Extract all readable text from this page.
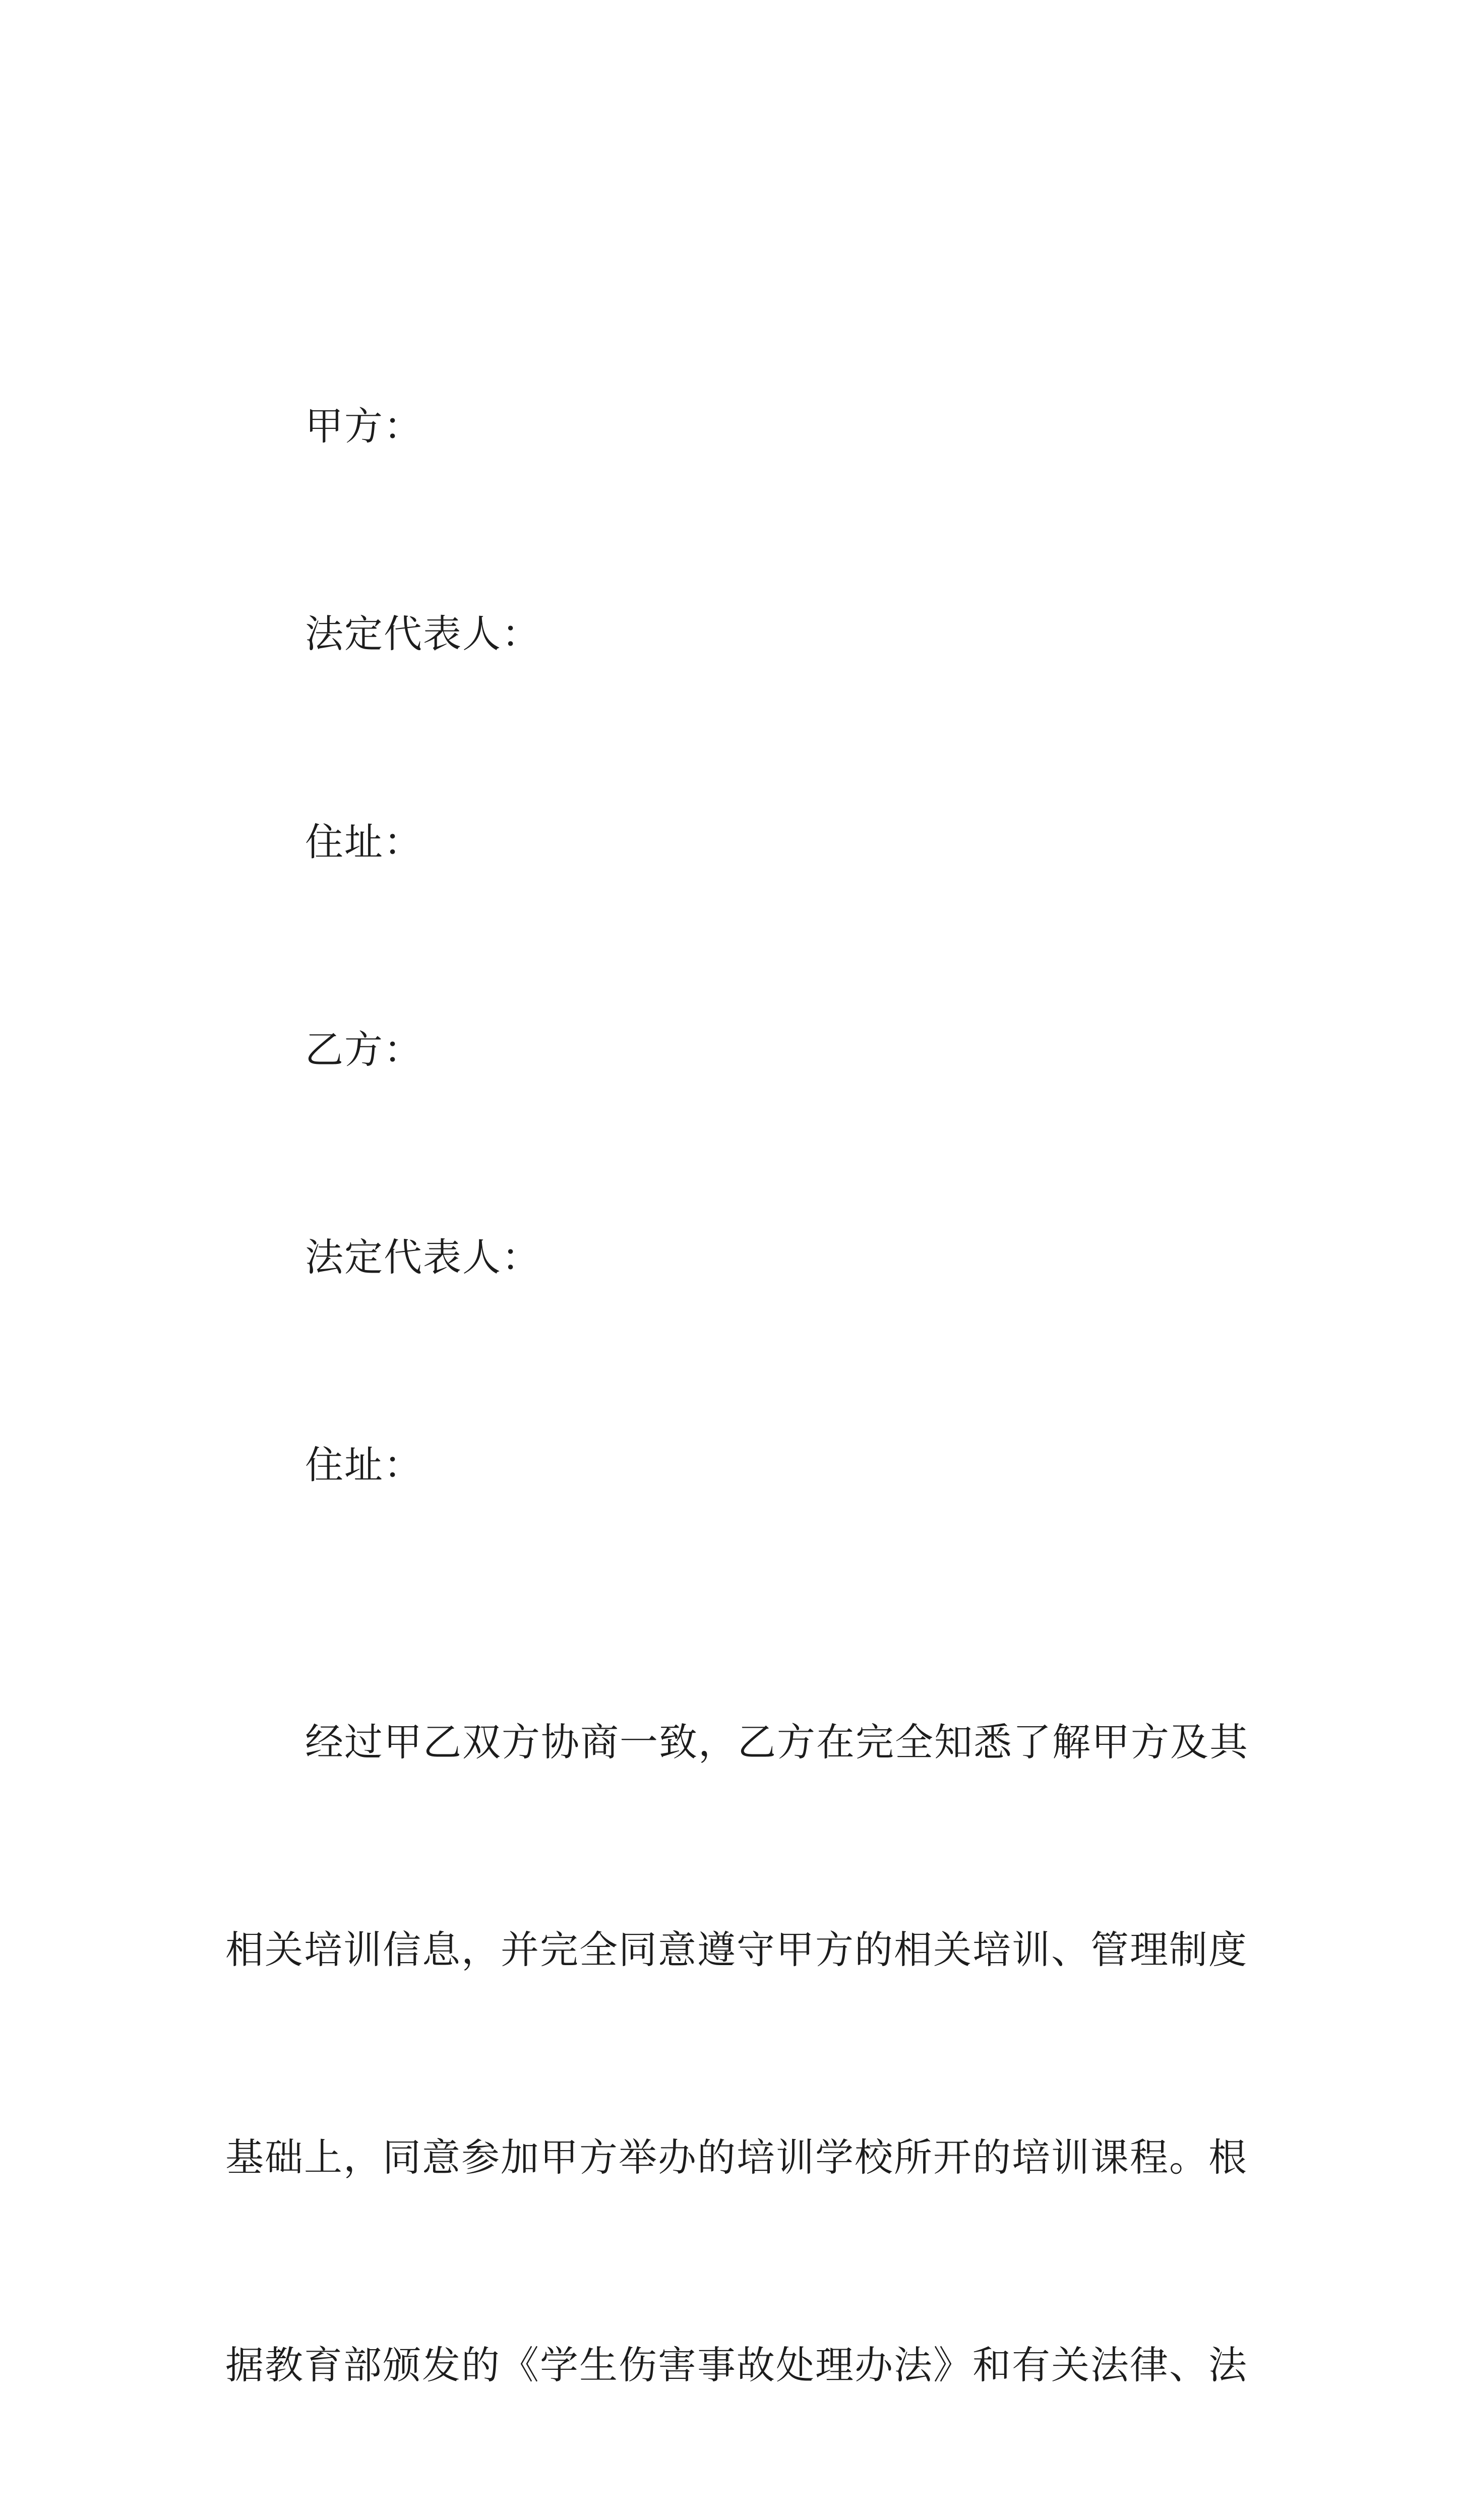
甲方：

法定代表人：

住址：

乙方：

法定代表人：

住址：

经过甲乙双方协商一致，乙方在完全知悉了解甲方及其

相关培训信息，并完全同意遵守甲方的相关培训、管理制度

基础上，同意参加甲方举办的培训学校所开的培训课程。根

据教育部颁发的《学生伤害事故处理办法》和有关法律、法
